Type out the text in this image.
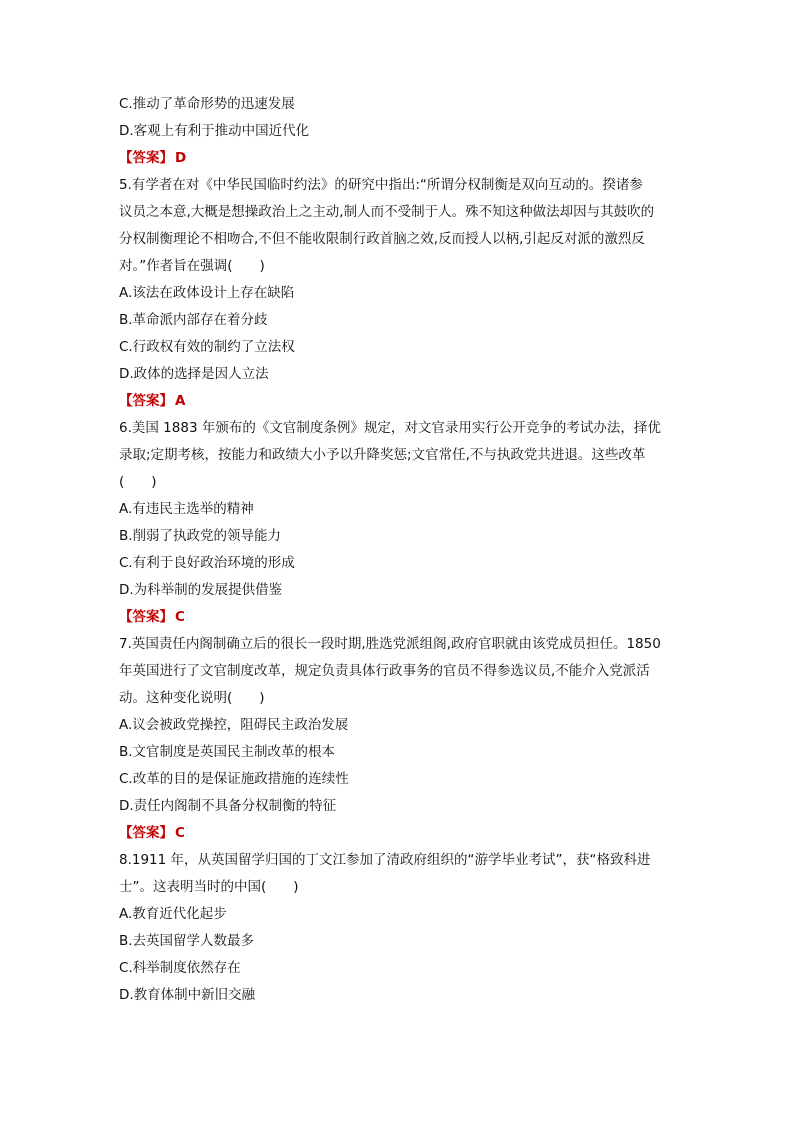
C.推动了革命形势的迅速发展
D.客观上有利于推动中国近代化
【答案】 D
5.有学者在对《中华民国临时约法》的研究中指出:“所谓分权制衡是双向互动的。揆诸参
议员之本意,大概是想操政治上之主动,制人而不受制于人。殊不知这种做法却因与其鼓吹的
分权制衡理论不相吻合,不但不能收限制行政首脑之效,反而授人以柄,引起反对派的激烈反
对。”作者旨在强调(　　)
A.该法在政体设计上存在缺陷
B.革命派内部存在着分歧
C.行政权有效的制约了立法权
D.政体的选择是因人立法
【答案】 A
6.美国 1883 年颁布的《文官制度条例》规定，对文官录用实行公开竞争的考试办法，择优
录取;定期考核，按能力和政绩大小予以升降奖惩;文官常任,不与执政党共进退。这些改革
(　　)
A.有违民主选举的精神
B.削弱了执政党的领导能力
C.有利于良好政治环境的形成
D.为科举制的发展提供借鉴
【答案】 C
7.英国责任内阁制确立后的很长一段时期,胜选党派组阁,政府官职就由该党成员担任。1850
年英国进行了文官制度改革，规定负责具体行政事务的官员不得参选议员,不能介入党派活
动。这种变化说明(　　)
A.议会被政党操控，阻碍民主政治发展
B.文官制度是英国民主制改革的根本
C.改革的目的是保证施政措施的连续性
D.责任内阁制不具备分权制衡的特征
【答案】 C
8.1911 年，从英国留学归国的丁文江参加了清政府组织的“游学毕业考试”，获“格致科进
士”。这表明当时的中国(　　)
A.教育近代化起步
B.去英国留学人数最多
C.科举制度依然存在
D.教育体制中新旧交融
